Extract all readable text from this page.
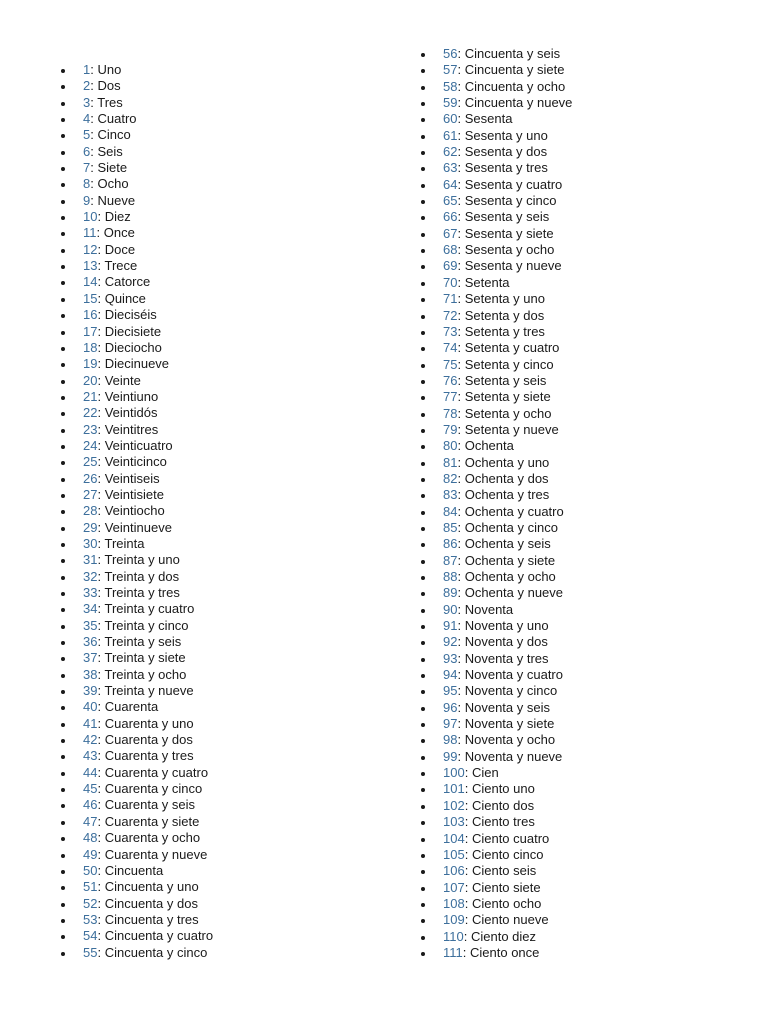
1: Uno
2: Dos
3: Tres
4: Cuatro
5: Cinco
6: Seis
7: Siete
8: Ocho
9: Nueve
10: Diez
11: Once
12: Doce
13: Trece
14: Catorce
15: Quince
16: Dieciséis
17: Diecisiete
18: Dieciocho
19: Diecinueve
20: Veinte
21: Veintiuno
22: Veintidós
23: Veintitres
24: Veinticuatro
25: Veinticinco
26: Veintiseis
27: Veintisiete
28: Veintiocho
29: Veintinueve
30: Treinta
31: Treinta y uno
32: Treinta y dos
33: Treinta y tres
34: Treinta y cuatro
35: Treinta y cinco
36: Treinta y seis
37: Treinta y siete
38: Treinta y ocho
39: Treinta y nueve
40: Cuarenta
41: Cuarenta y uno
42: Cuarenta y dos
43: Cuarenta y tres
44: Cuarenta y cuatro
45: Cuarenta y cinco
46: Cuarenta y seis
47: Cuarenta y siete
48: Cuarenta y ocho
49: Cuarenta y nueve
50: Cincuenta
51: Cincuenta y uno
52: Cincuenta y dos
53: Cincuenta y tres
54: Cincuenta y cuatro
55: Cincuenta y cinco
56: Cincuenta y seis
57: Cincuenta y siete
58: Cincuenta y ocho
59: Cincuenta y nueve
60: Sesenta
61: Sesenta y uno
62: Sesenta y dos
63: Sesenta y tres
64: Sesenta y cuatro
65: Sesenta y cinco
66: Sesenta y seis
67: Sesenta y siete
68: Sesenta y ocho
69: Sesenta y nueve
70: Setenta
71: Setenta y uno
72: Setenta y dos
73: Setenta y tres
74: Setenta y cuatro
75: Setenta y cinco
76: Setenta y seis
77: Setenta y siete
78: Setenta y ocho
79: Setenta y nueve
80: Ochenta
81: Ochenta y uno
82: Ochenta y dos
83: Ochenta y tres
84: Ochenta y cuatro
85: Ochenta y cinco
86: Ochenta y seis
87: Ochenta y siete
88: Ochenta y ocho
89: Ochenta y nueve
90: Noventa
91: Noventa y uno
92: Noventa y dos
93: Noventa y tres
94: Noventa y cuatro
95: Noventa y cinco
96: Noventa y seis
97: Noventa y siete
98: Noventa y ocho
99: Noventa y nueve
100: Cien
101: Ciento uno
102: Ciento dos
103: Ciento tres
104: Ciento cuatro
105: Ciento cinco
106: Ciento seis
107: Ciento siete
108: Ciento ocho
109: Ciento nueve
110: Ciento diez
111: Ciento once
